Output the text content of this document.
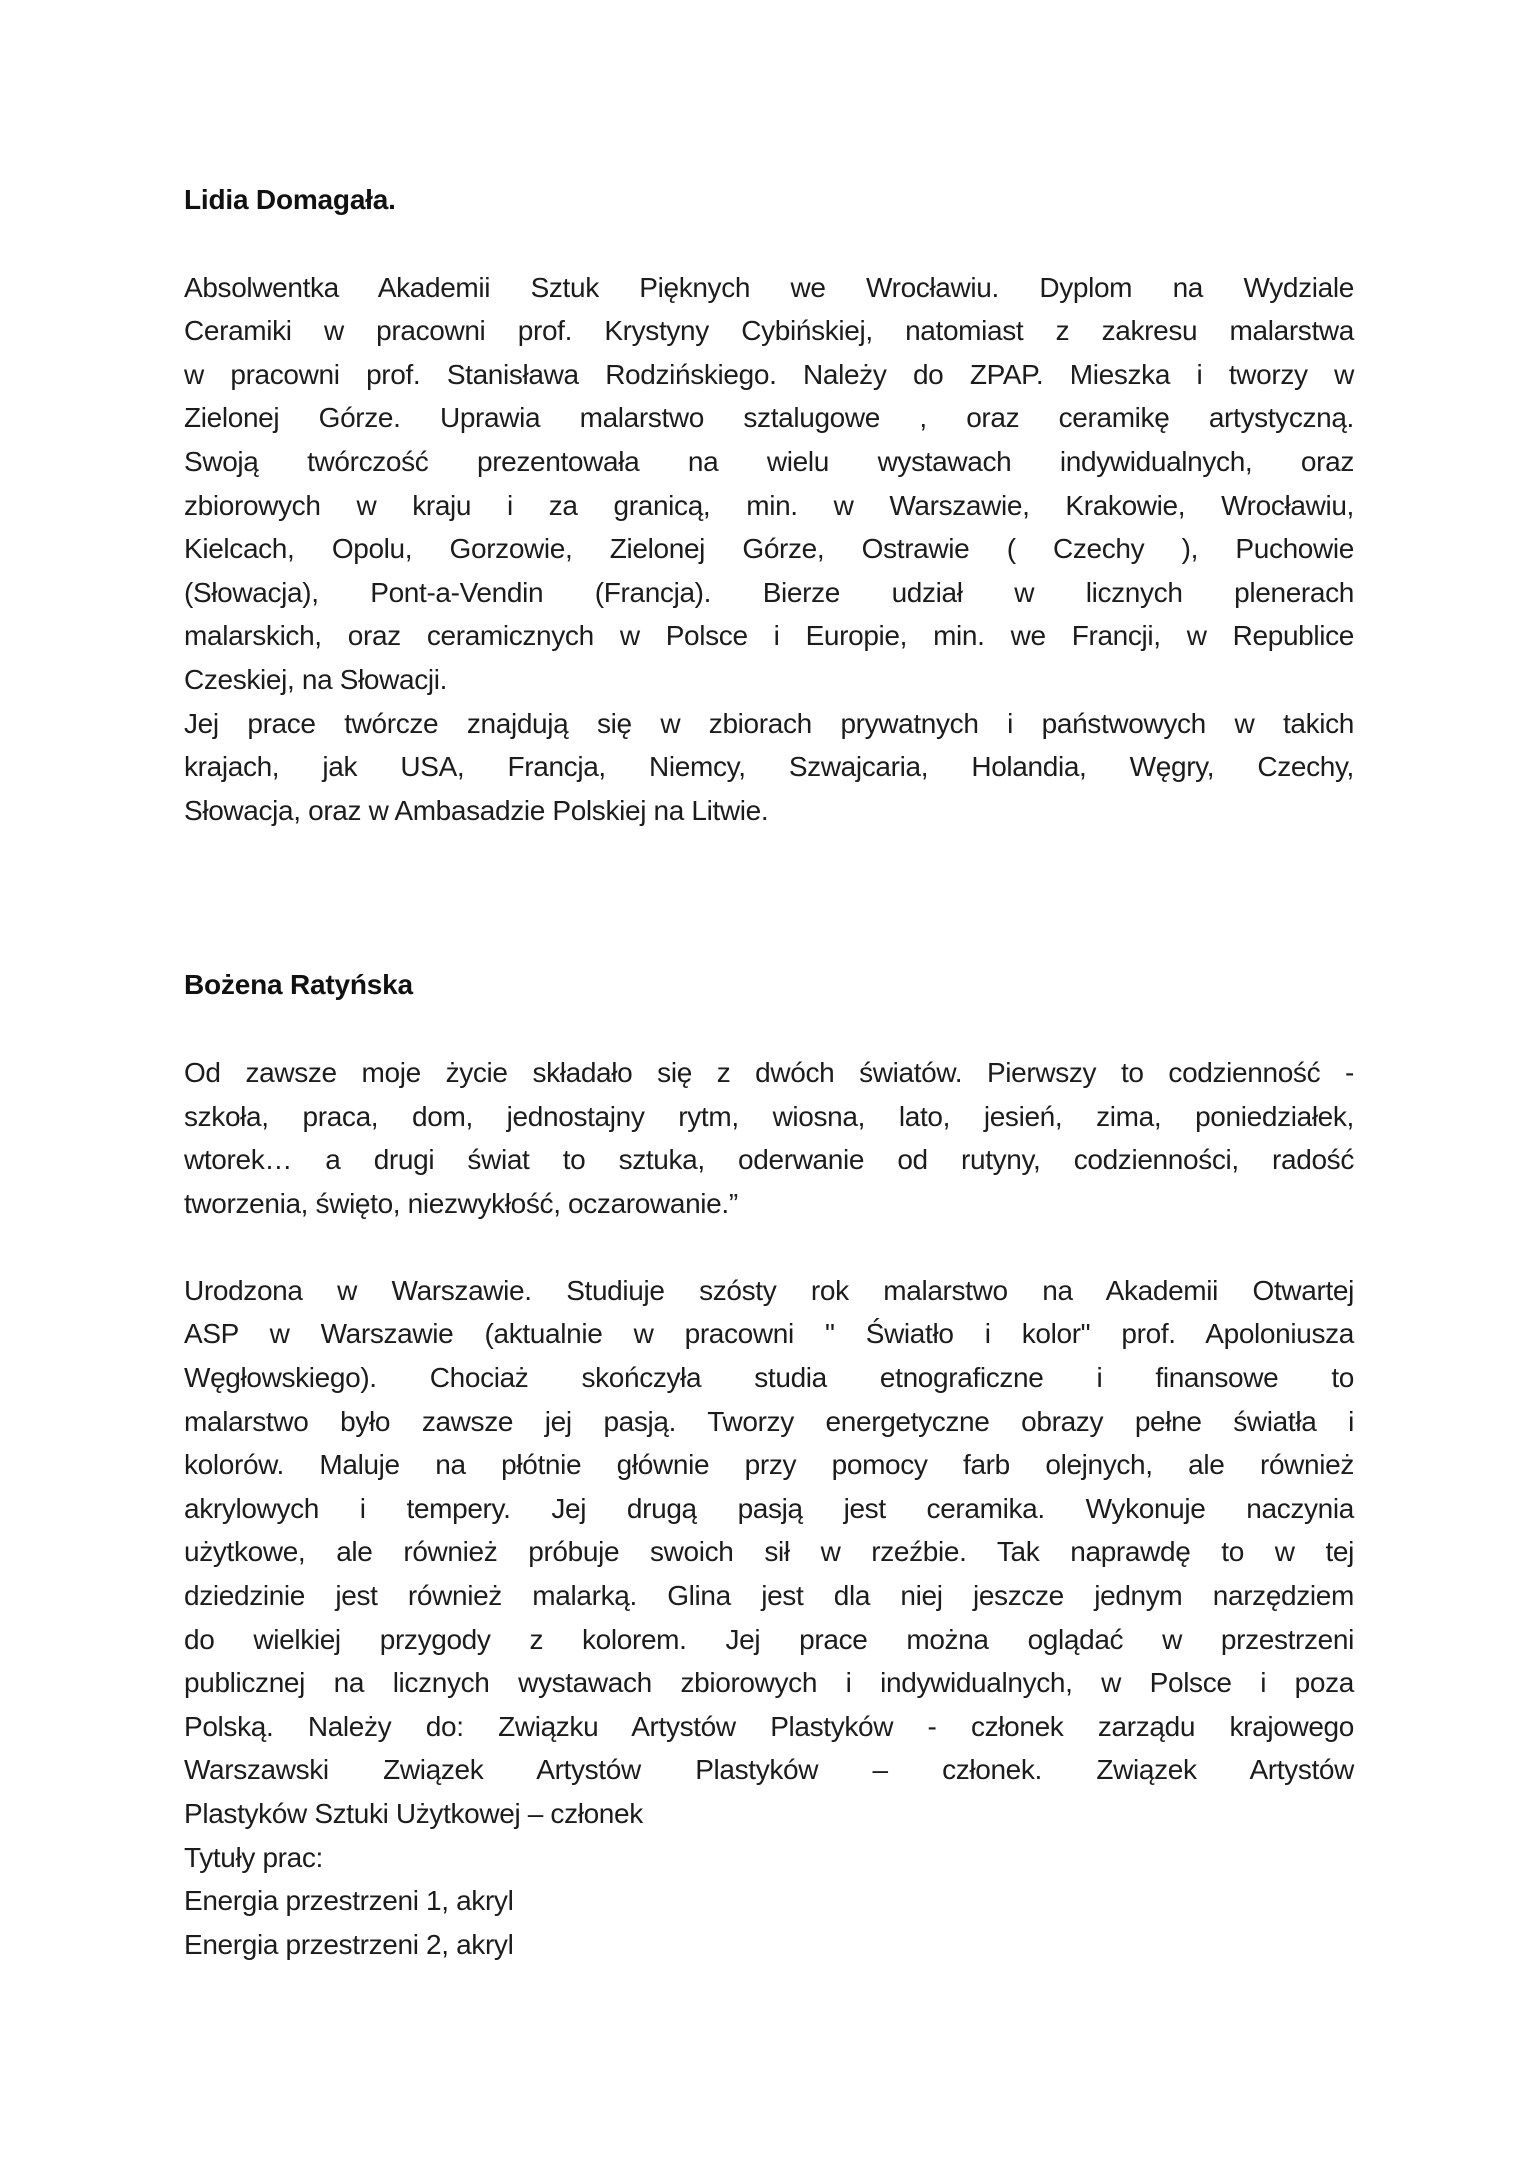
Lidia Domagała.

Absolwentka Akademii Sztuk Pięknych we Wrocławiu. Dyplom na Wydziale
Ceramiki w pracowni prof. Krystyny Cybińskiej, natomiast z zakresu malarstwa
w pracowni prof. Stanisława Rodzińskiego. Należy do ZPAP. Mieszka i tworzy w
Zielonej Górze. Uprawia malarstwo sztalugowe , oraz ceramikę artystyczną.
Swoją twórczość prezentowała na wielu wystawach indywidualnych, oraz
zbiorowych w kraju i za granicą, min. w Warszawie, Krakowie, Wrocławiu,
Kielcach, Opolu, Gorzowie, Zielonej Górze, Ostrawie ( Czechy ), Puchowie
(Słowacja), Pont-a-Vendin (Francja). Bierze udział w licznych plenerach
malarskich, oraz ceramicznych w Polsce i Europie, min. we Francji, w Republice
Czeskiej, na Słowacji.

Jej prace twórcze znajdują się w zbiorach prywatnych i państwowych w takich
krajach, jak USA, Francja, Niemcy, Szwajcaria, Holandia, Węgry, Czechy,
Słowacja, oraz w Ambasadzie Polskiej na Litwie.

Bożena Ratyńska

Od zawsze moje życie składało się z dwóch światów. Pierwszy to codzienność -
szkoła, praca, dom, jednostajny rytm, wiosna, lato, jesień, zima, poniedziałek,
wtorek… a drugi świat to sztuka, oderwanie od rutyny, codzienności, radość
tworzenia, święto, niezwykłość, oczarowanie.”

Urodzona w Warszawie. Studiuje szósty rok malarstwo na Akademii Otwartej
ASP w Warszawie (aktualnie w pracowni " Światło i kolor" prof. Apoloniusza
Węgłowskiego). Chociaż skończyła studia etnograficzne i finansowe to
malarstwo było zawsze jej pasją. Tworzy energetyczne obrazy pełne światła i
kolorów. Maluje na płótnie głównie przy pomocy farb olejnych, ale również
akrylowych i tempery. Jej drugą pasją jest ceramika. Wykonuje naczynia
użytkowe, ale również próbuje swoich sił w rzeźbie. Tak naprawdę to w tej
dziedzinie jest również malarką. Glina jest dla niej jeszcze jednym narzędziem
do wielkiej przygody z kolorem. Jej prace można oglądać w przestrzeni
publicznej na licznych wystawach zbiorowych i indywidualnych, w Polsce i poza
Polską. Należy do: Związku Artystów Plastyków - członek zarządu krajowego
Warszawski Związek Artystów Plastyków – członek. Związek Artystów
Plastyków Sztuki Użytkowej – członek

Tytuły prac:
Energia przestrzeni 1, akryl
Energia przestrzeni 2, akryl
